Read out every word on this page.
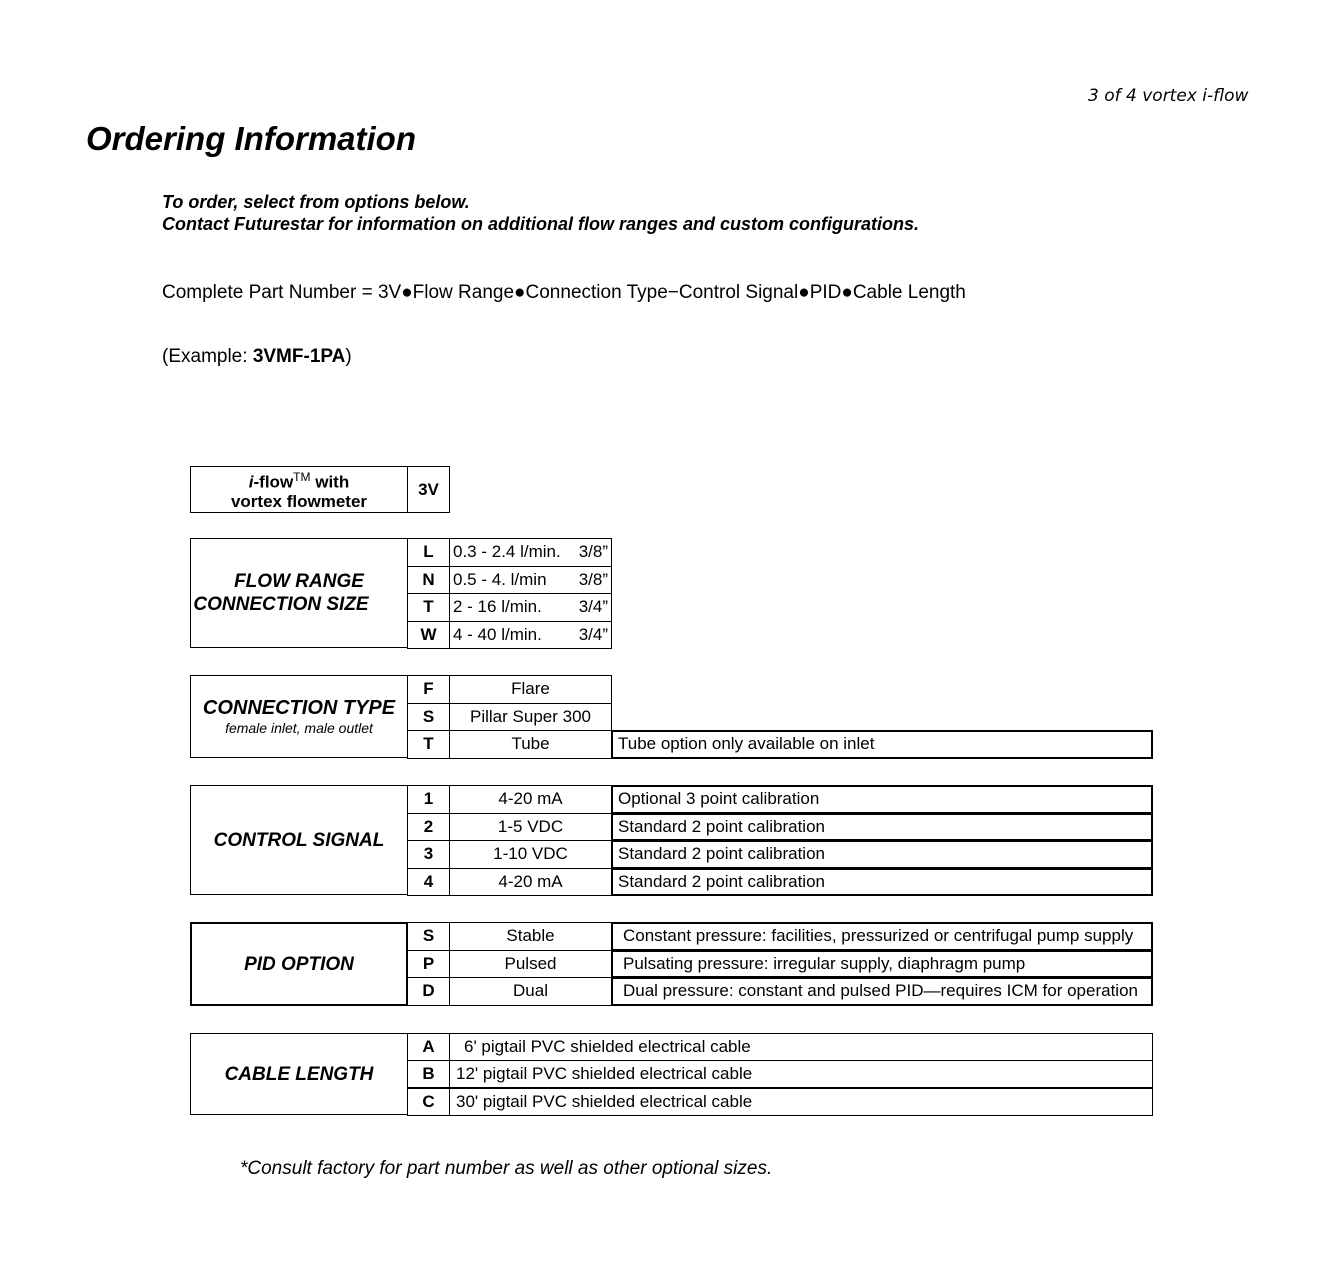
3 of 4 vortex i-flow
Ordering Information
To order, select from options below.
Contact Futurestar for information on additional flow ranges and custom configurations.
Complete Part Number = 3V●Flow Range●Connection Type−Control Signal●PID●Cable Length
(Example: 3VMF-1PA)
i-flow™ with
vortex flowmeter
3V
FLOW RANGE
CONNECTION SIZE
L	0.3 - 2.4 l/min. 3/8”
N	0.5 - 4. l/min 3/8”
T	2 - 16 l/min. 3/4”
W 4 - 40 l/min. 3/4”
CONNECTION TYPE
female inlet, male outlet
F	Flare
S	Pillar Super 300
T	Tube	Tube option only available on inlet
CONTROL SIGNAL
1	4-20 mA	Optional 3 point calibration
2	1-5 VDC	Standard 2 point calibration
3	1-10 VDC	Standard 2 point calibration
4	4-20 mA	Standard 2 point calibration
PID OPTION
S	Stable	Constant pressure: facilities, pressurized or centrifugal pump supply
P	Pulsed	Pulsating pressure: irregular supply, diaphragm pump
D	Dual	Dual pressure: constant and pulsed PID—requires ICM for operation
CABLE LENGTH
A	6' pigtail PVC shielded electrical cable
B	12' pigtail PVC shielded electrical cable
C	30' pigtail PVC shielded electrical cable
*Consult factory for part number as well as other optional sizes.
